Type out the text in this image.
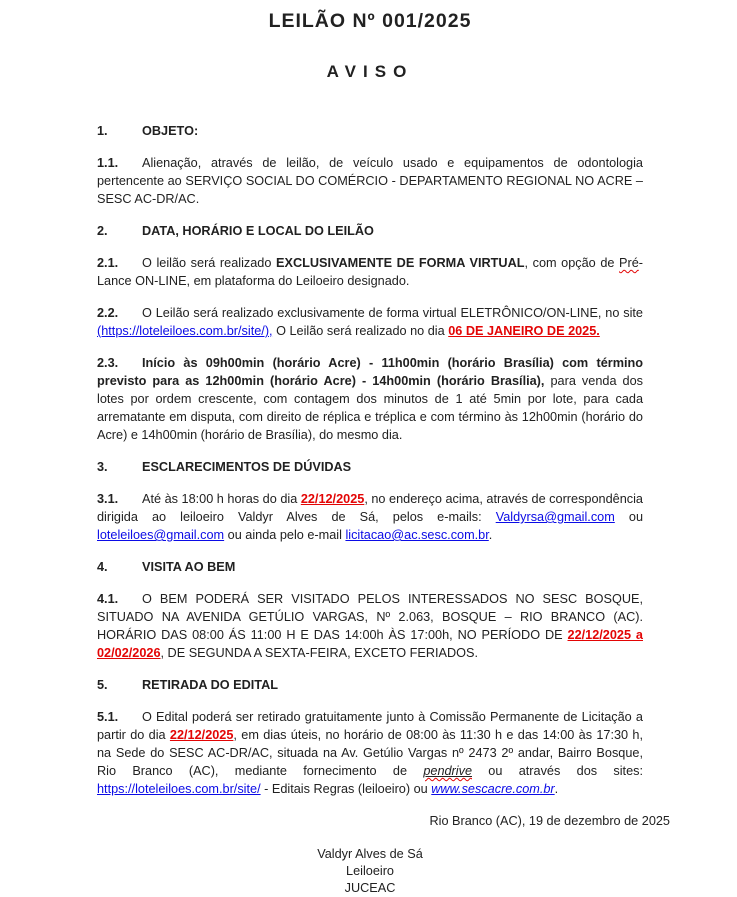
LEILÃO Nº 001/2025
AVISO
1.	OBJETO:
1.1. Alienação, através de leilão, de veículo usado e equipamentos de odontologia pertencente ao SERVIÇO SOCIAL DO COMÉRCIO - DEPARTAMENTO REGIONAL NO ACRE – SESC AC-DR/AC.
2.	DATA, HORÁRIO E LOCAL DO LEILÃO
2.1. O leilão será realizado EXCLUSIVAMENTE DE FORMA VIRTUAL, com opção de Pré-Lance ON-LINE, em plataforma do Leiloeiro designado.
2.2. O Leilão será realizado exclusivamente de forma virtual ELETRÔNICO/ON-LINE, no site (https://loteleiloes.com.br/site/), O Leilão será realizado no dia 06 DE JANEIRO DE 2025.
2.3. Início às 09h00min (horário Acre) - 11h00min (horário Brasília) com término previsto para as 12h00min (horário Acre) - 14h00min (horário Brasília), para venda dos lotes por ordem crescente, com contagem dos minutos de 1 até 5min por lote, para cada arrematante em disputa, com direito de réplica e tréplica e com término às 12h00min (horário do Acre) e 14h00min (horário de Brasília), do mesmo dia.
3.	ESCLARECIMENTOS DE DÚVIDAS
3.1. Até às 18:00 h horas do dia 22/12/2025, no endereço acima, através de correspondência dirigida ao leiloeiro Valdyr Alves de Sá, pelos e-mails: Valdyrsa@gmail.com ou loteleiloes@gmail.com ou ainda pelo e-mail licitacao@ac.sesc.com.br.
4.	VISITA AO BEM
4.1. O BEM PODERÁ SER VISITADO PELOS INTERESSADOS NO SESC BOSQUE, SITUADO NA AVENIDA GETÚLIO VARGAS, Nº 2.063, BOSQUE – RIO BRANCO (AC). HORÁRIO DAS 08:00 ÁS 11:00 H E DAS 14:00h ÀS 17:00h, NO PERÍODO DE 22/12/2025 a 02/02/2026, DE SEGUNDA A SEXTA-FEIRA, EXCETO FERIADOS.
5.	RETIRADA DO EDITAL
5.1. O Edital poderá ser retirado gratuitamente junto à Comissão Permanente de Licitação a partir do dia 22/12/2025, em dias úteis, no horário de 08:00 às 11:30 h e das 14:00 às 17:30 h, na Sede do SESC AC-DR/AC, situada na Av. Getúlio Vargas nº 2473 2º andar, Bairro Bosque, Rio Branco (AC), mediante fornecimento de pendrive ou através dos sites: https://loteleiloes.com.br/site/ - Editais Regras (leiloeiro) ou www.sescacre.com.br.
Rio Branco (AC), 19 de dezembro de 2025
Valdyr Alves de Sá
Leiloeiro
JUCEAC
